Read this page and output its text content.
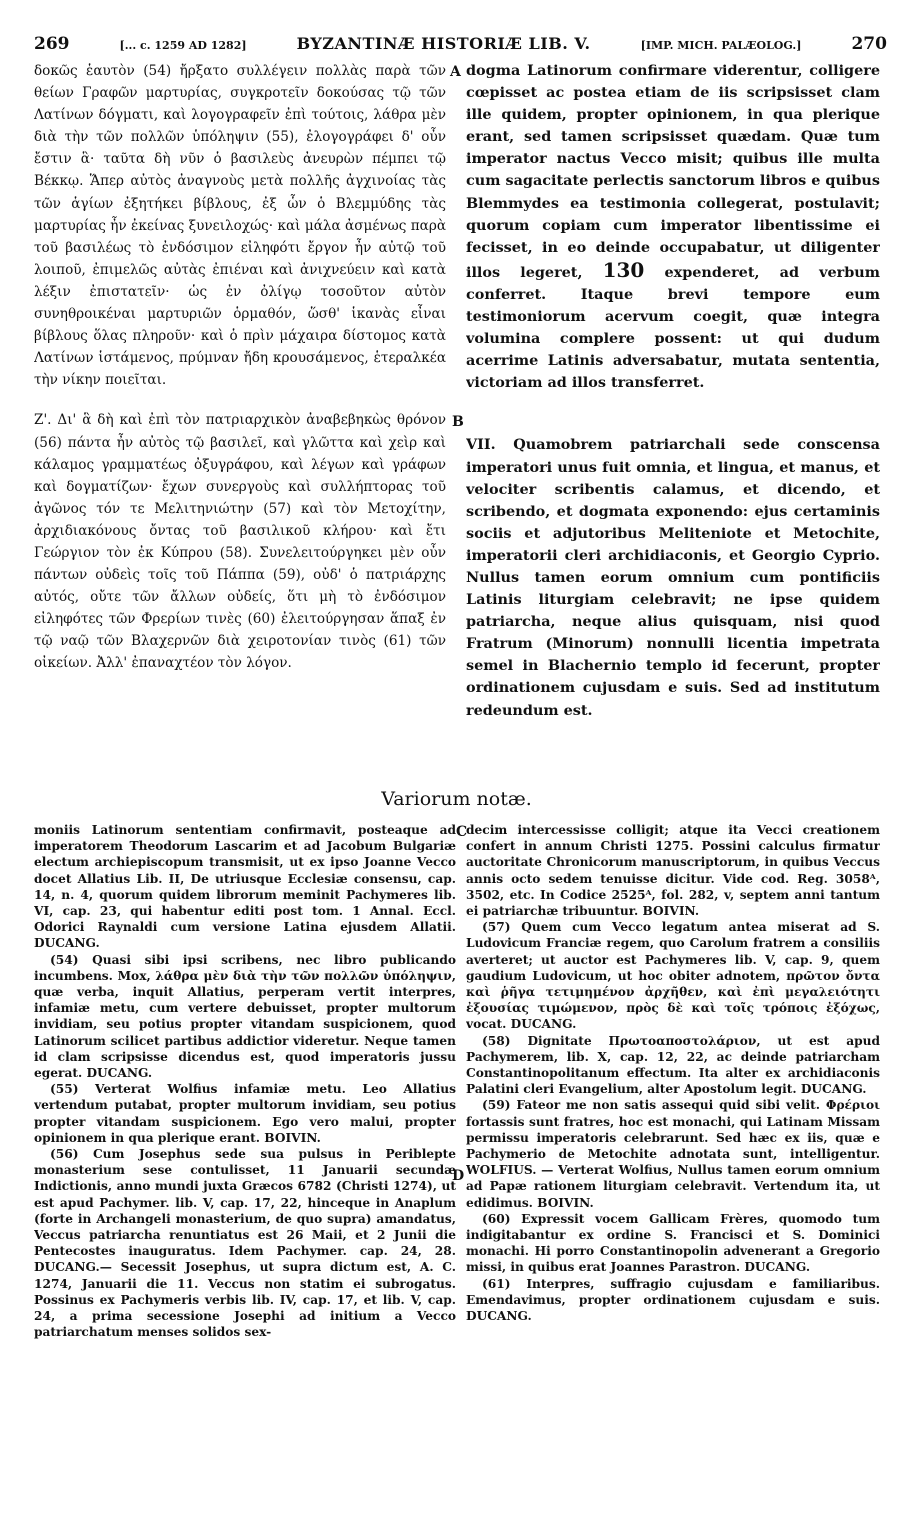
269	[... c. 1259 AD 1282]	BYZANTINÆ HISTORIÆ LIB. V.	[IMP. MICH. PALÆOLOG.]	270

δοκῶς ἑαυτὸν (54) ἤρξατο συλλέγειν πολλὰς παρὰ τῶν θείων Γραφῶν μαρτυρίας, συγκροτεῖν δοκούσας τῷ τῶν Λατίνων δόγματι, καὶ λογογραφεῖν ἐπὶ τούτοις, λάθρα μὲν διὰ τὴν τῶν πολλῶν ὑπόληψιν (55), ἐλογογράφει δ' οὖν ἔστιν ἃ· ταῦτα δὴ νῦν ὁ βασιλεὺς ἀνευρὼν πέμπει τῷ Βέκκῳ. Ἅπερ αὐτὸς ἀναγνοὺς μετὰ πολλῆς ἀγχινοίας τὰς τῶν ἁγίων ἐξητήκει βίβλους, ἐξ ὧν ὁ Βλεμμύδης τὰς μαρτυρίας ἦν ἐκείνας ξυνειλοχώς· καὶ μάλα ἀσμένως παρὰ τοῦ βασιλέως τὸ ἐνδόσιμον εἰληφότι ἔργον ἦν αὐτῷ τοῦ λοιποῦ, ἐπιμελῶς αὐτὰς ἐπιέναι καὶ ἀνιχνεύειν καὶ κατὰ λέξιν ἐπιστατεῖν· ὡς ἐν ὀλίγῳ τοσοῦτον αὐτὸν συνηθροικέναι μαρτυριῶν ὁρμαθόν, ὥσθ' ἱκανὰς εἶναι βίβλους ὅλας πληροῦν· καὶ ὁ πρὶν μάχαιρα δίστομος κατὰ Λατίνων ἱστάμενος, πρύμναν ἤδη κρουσάμενος, ἑτεραλκέα τὴν νίκην ποιεῖται.

Ζ'. Δι' ἃ δὴ καὶ ἐπὶ τὸν πατριαρχικὸν ἀναβεβηκὼς θρόνον (56) πάντα ἦν αὐτὸς τῷ βασιλεῖ, καὶ γλῶττα καὶ χεὶρ καὶ κάλαμος γραμματέως ὀξυγράφου, καὶ λέγων καὶ γράφων καὶ δογματίζων· ἔχων συνεργοὺς καὶ συλλήπτορας τοῦ ἀγῶνος τόν τε Μελιτηνιώτην (57) καὶ τὸν Μετοχίτην, ἀρχιδιακόνους ὄντας τοῦ βασιλικοῦ κλήρου· καὶ ἔτι Γεώργιον τὸν ἐκ Κύπρου (58). Συνελειτούργηκει μὲν οὖν πάντων οὐδεὶς τοῖς τοῦ Πάππα (59), οὐδ' ὁ πατριάρχης αὐτός, οὔτε τῶν ἄλλων οὐδείς, ὅτι μὴ τὸ ἐνδόσιμον εἰληφότες τῶν Φρερίων τινὲς (60) ἐλειτούργησαν ἅπαξ ἐν τῷ ναῷ τῶν Βλαχερνῶν διὰ χειροτονίαν τινὸς (61) τῶν οἰκείων. Ἀλλ' ἐπαναχτέον τὸν λόγον.

A
B

dogma Latinorum confirmare viderentur, colligere cœpisset ac postea etiam de iis scripsisset clam ille quidem, propter opinionem, in qua plerique erant, sed tamen scripsisset quædam. Quæ tum imperator nactus Vecco misit; quibus ille multa cum sagacitate perlectis sanctorum libros e quibus Blemmydes ea testimonia collegerat, postulavit; quorum copiam cum imperator libentissime ei fecisset, in eo deinde occupabatur, ut diligenter illos legeret, 130 expenderet, ad verbum conferret. Itaque brevi tempore eum testimoniorum acervum coegit, quæ integra volumina complere possent: ut qui dudum acerrime Latinis adversabatur, mutata sententia, victoriam ad illos transferret.

VII. Quamobrem patriarchali sede conscensa imperatori unus fuit omnia, et lingua, et manus, et velociter scribentis calamus, et dicendo, et scribendo, et dogmata exponendo: ejus certaminis sociis et adjutoribus Meliteniote et Metochite, imperatorii cleri archidiaconis, et Georgio Cyprio. Nullus tamen eorum omnium cum pontificiis Latinis liturgiam celebravit; ne ipse quidem patriarcha, neque alius quisquam, nisi quod Fratrum (Minorum) nonnulli licentia impetrata semel in Blachernio templo id fecerunt, propter ordinationem cujusdam e suis. Sed ad institutum redeundum est.

Variorum notæ.
C
D

moniis Latinorum sententiam confirmavit, posteaque ad imperatorem Theodorum Lascarim et ad Jacobum Bulgariæ electum archiepiscopum transmisit, ut ex ipso Joanne Vecco docet Allatius Lib. II, De utriusque Ecclesiæ consensu, cap. 14, n. 4, quorum quidem librorum meminit Pachymeres lib. VI, cap. 23, qui habentur editi post tom. 1 Annal. Eccl. Odorici Raynaldi cum versione Latina ejusdem Allatii. DUCANG.

(54) Quasi sibi ipsi scribens, nec libro publicando incumbens. Mox, λάθρα μὲν διὰ τὴν τῶν πολλῶν ὑπόληψιν, quæ verba, inquit Allatius, perperam vertit interpres, infamiæ metu, cum vertere debuisset, propter multorum invidiam, seu potius propter vitandam suspicionem, quod Latinorum scilicet partibus addictior videretur. Neque tamen id clam scripsisse dicendus est, quod imperatoris jussu egerat. DUCANG.

(55) Verterat Wolfius infamiæ metu. Leo Allatius vertendum putabat, propter multorum invidiam, seu potius propter vitandam suspicionem. Ego vero malui, propter opinionem in qua plerique erant. BOIVIN.

(56) Cum Josephus sede sua pulsus in Periblepte monasterium sese contulisset, 11 Januarii secundæ Indictionis, anno mundi juxta Græcos 6782 (Christi 1274), ut est apud Pachymer. lib. V, cap. 17, 22, hinceque in Anaplum (forte in Archangeli monasterium, de quo supra) amandatus, Veccus patriarcha renuntiatus est 26 Maii, et 2 Junii die Pentecostes inauguratus. Idem Pachymer. cap. 24, 28. DUCANG.— Secessit Josephus, ut supra dictum est, A. C. 1274, Januarii die 11. Veccus non statim ei subrogatus. Possinus ex Pachymeris verbis lib. IV, cap. 17, et lib. V, cap. 24, a prima secessione Josephi ad initium a Vecco patriarchatum menses solidos sex-

decim intercessisse colligit; atque ita Vecci creationem confert in annum Christi 1275. Possini calculus firmatur auctoritate Chronicorum manuscriptorum, in quibus Veccus annis octo sedem tenuisse dicitur. Vide cod. Reg. 3058ᴬ, 3502, etc. In Codice 2525ᴬ, fol. 282, v, septem anni tantum ei patriarchæ tribuuntur. BOIVIN.

(57) Quem cum Vecco legatum antea miserat ad S. Ludovicum Franciæ regem, quo Carolum fratrem a consiliis averteret; ut auctor est Pachymeres lib. V, cap. 9, quem gaudium Ludovicum, ut hoc obiter adnotem, πρῶτον ὄντα καὶ ῥῆγα τετιμημένον ἀρχῆθεν, καὶ ἐπὶ μεγαλειότητι ἐξουσίας τιμώμενον, πρὸς δὲ καὶ τοῖς τρόποις ἐξόχως, vocat. DUCANG.

(58) Dignitate Πρωτοαποστολάριον, ut est apud Pachymerem, lib. X, cap. 12, 22, ac deinde patriarcham Constantinopolitanum effectum. Ita alter ex archidiaconis Palatini cleri Evangelium, alter Apostolum legit. DUCANG.

(59) Fateor me non satis assequi quid sibi velit. Φρέριοι fortassis sunt fratres, hoc est monachi, qui Latinam Missam permissu imperatoris celebrarunt. Sed hæc ex iis, quæ e Pachymerio de Metochite adnotata sunt, intelligentur. WOLFIUS. — Verterat Wolfius, Nullus tamen eorum omnium ad Papæ rationem liturgiam celebravit. Vertendum ita, ut edidimus. BOIVIN.

(60) Expressit vocem Gallicam Frères, quomodo tum indigitabantur ex ordine S. Francisci et S. Dominici monachi. Hi porro Constantinopolin advenerant a Gregorio missi, in quibus erat Joannes Parastron. DUCANG.

(61) Interpres, suffragio cujusdam e familiaribus. Emendavimus, propter ordinationem cujusdam e suis. DUCANG.
